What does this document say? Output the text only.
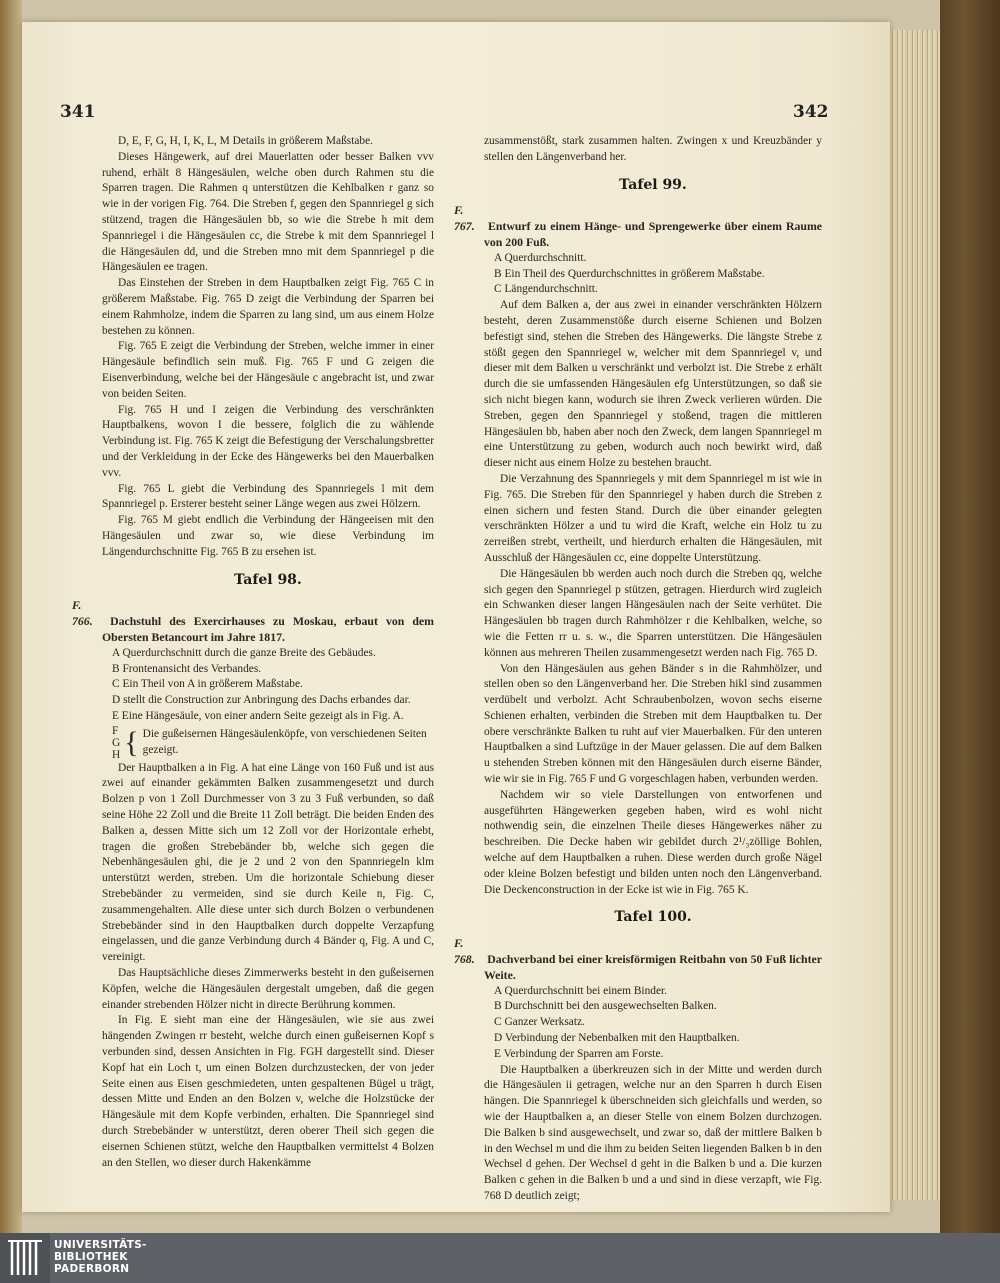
341	342

D, E, F, G, H, I, K, L, M Details in größerem Maßstabe.

Dieses Hängewerk, auf drei Mauerlatten oder besser Balken vvv ruhend, erhält 8 Hängesäulen, welche oben durch Rahmen stu die Sparren tragen. Die Rahmen q unterstützen die Kehlbalken r ganz so wie in der vorigen Fig. 764. Die Streben f, gegen den Spannriegel g sich stützend, tragen die Hängesäulen bb, so wie die Strebe h mit dem Spannriegel i die Hängesäulen cc, die Strebe k mit dem Spannriegel l die Hängesäulen dd, und die Streben mno mit dem Spannriegel p die Hängesäulen ee tragen.

Das Einstehen der Streben in dem Hauptbalken zeigt Fig. 765 C in größerem Maßstabe. Fig. 765 D zeigt die Verbindung der Sparren bei einem Rahmholze, indem die Sparren zu lang sind, um aus einem Holze bestehen zu können.

Fig. 765 E zeigt die Verbindung der Streben, welche immer in einer Hängesäule befindlich sein muß. Fig. 765 F und G zeigen die Eisenverbindung, welche bei der Hängesäule c angebracht ist, und zwar von beiden Seiten.

Fig. 765 H und I zeigen die Verbindung des verschränkten Hauptbalkens, wovon I die bessere, folglich die zu wählende Verbindung ist. Fig. 765 K zeigt die Befestigung der Verschalungsbretter und der Verkleidung in der Ecke des Hängewerks bei den Mauerbalken vvv.

Fig. 765 L giebt die Verbindung des Spannriegels l mit dem Spannriegel p. Ersterer besteht seiner Länge wegen aus zwei Hölzern.

Fig. 765 M giebt endlich die Verbindung der Hängeeisen mit den Hängesäulen und zwar so, wie diese Verbindung im Längendurchschnitte Fig. 765 B zu ersehen ist.

Tafel 98.

F. 766. Dachstuhl des Exercirhauses zu Moskau, erbaut von dem Obersten Betancourt im Jahre 1817.

A Querdurchschnitt durch die ganze Breite des Gebäudes.

B Frontenansicht des Verbandes.

C Ein Theil von A in größerem Maßstabe.

D stellt die Construction zur Anbringung des Dachs erbandes dar.

E Eine Hängesäule, von einer andern Seite gezeigt als in Fig. A.

F
G
H { Die gußeisernen Hängesäulenköpfe, von verschiedenen Seiten gezeigt.

Der Hauptbalken a in Fig. A hat eine Länge von 160 Fuß und ist aus zwei auf einander gekämmten Balken zusammengesetzt und durch Bolzen p von 1 Zoll Durchmesser von 3 zu 3 Fuß verbunden, so daß seine Höhe 22 Zoll und die Breite 11 Zoll beträgt. Die beiden Enden des Balken a, dessen Mitte sich um 12 Zoll vor der Horizontale erhebt, tragen die großen Strebebänder bb, welche sich gegen die Nebenhängesäulen ghi, die je 2 und 2 von den Spannriegeln klm unterstützt werden, streben. Um die horizontale Schiebung dieser Strebebänder zu vermeiden, sind sie durch Keile n, Fig. C, zusammengehalten. Alle diese unter sich durch Bolzen o verbundenen Strebebänder sind in den Hauptbalken durch doppelte Verzapfung eingelassen, und die ganze Verbindung durch 4 Bänder q, Fig. A und C, vereinigt.

Das Hauptsächliche dieses Zimmerwerks besteht in den gußeisernen Köpfen, welche die Hängesäulen dergestalt umgeben, daß die gegen einander strebenden Hölzer nicht in directe Berührung kommen.

In Fig. E sieht man eine der Hängesäulen, wie sie aus zwei hängenden Zwingen rr besteht, welche durch einen gußeisernen Kopf s verbunden sind, dessen Ansichten in Fig. FGH dargestellt sind. Dieser Kopf hat ein Loch t, um einen Bolzen durchzustecken, der von jeder Seite einen aus Eisen geschmiedeten, unten gespaltenen Bügel u trägt, dessen Mitte und Enden an den Bolzen v, welche die Holzstücke der Hängesäule mit dem Kopfe verbinden, erhalten. Die Spannriegel sind durch Strebebänder w unterstützt, deren oberer Theil sich gegen die eisernen Schienen stützt, welche den Hauptbalken vermittelst 4 Bolzen an den Stellen, wo dieser durch Hakenkämme

zusammenstößt, stark zusammen halten. Zwingen x und Kreuzbänder y stellen den Längenverband her.

Tafel 99.

F. 767. Entwurf zu einem Hänge- und Sprengewerke über einem Raume von 200 Fuß.

A Querdurchschnitt.

B Ein Theil des Querdurchschnittes in größerem Maßstabe.

C Längendurchschnitt.

Auf dem Balken a, der aus zwei in einander verschränkten Hölzern besteht, deren Zusammenstöße durch eiserne Schienen und Bolzen befestigt sind, stehen die Streben des Hängewerks. Die längste Strebe z stößt gegen den Spannriegel w, welcher mit dem Spannriegel v, und dieser mit dem Balken u verschränkt und verbolzt ist. Die Strebe z erhält durch die sie umfassenden Hängesäulen efg Unterstützungen, so daß sie sich nicht biegen kann, wodurch sie ihren Zweck verlieren würden. Die Streben, gegen den Spannriegel y stoßend, tragen die mittleren Hängesäulen bb, haben aber noch den Zweck, dem langen Spannriegel m eine Unterstützung zu geben, wodurch auch noch bewirkt wird, daß dieser nicht aus einem Holze zu bestehen braucht.

Die Verzahnung des Spannriegels y mit dem Spannriegel m ist wie in Fig. 765. Die Streben für den Spannriegel y haben durch die Streben z einen sichern und festen Stand. Durch die über einander gelegten verschränkten Hölzer a und tu wird die Kraft, welche ein Holz tu zu zerreißen strebt, vertheilt, und hierdurch erhalten die Hängesäulen, mit Ausschluß der Hängesäulen cc, eine doppelte Unterstützung.

Die Hängesäulen bb werden auch noch durch die Streben qq, welche sich gegen den Spannriegel p stützen, getragen. Hierdurch wird zugleich ein Schwanken dieser langen Hängesäulen nach der Seite verhütet. Die Hängesäulen bb tragen durch Rahmhölzer r die Kehlbalken, welche, so wie die Fetten rr u. s. w., die Sparren unterstützen. Die Hängesäulen können aus mehreren Theilen zusammengesetzt werden nach Fig. 765 D.

Von den Hängesäulen aus gehen Bänder s in die Rahmhölzer, und stellen oben so den Längenverband her. Die Streben hikl sind zusammen verdübelt und verbolzt. Acht Schraubenbolzen, wovon sechs eiserne Schienen erhalten, verbinden die Streben mit dem Hauptbalken tu. Der obere verschränkte Balken tu ruht auf vier Mauerbalken. Für den unteren Hauptbalken a sind Luftzüge in der Mauer gelassen. Die auf dem Balken u stehenden Streben können mit den Hängesäulen durch eiserne Bänder, wie wir sie in Fig. 765 F und G vorgeschlagen haben, verbunden werden.

Nachdem wir so viele Darstellungen von entworfenen und ausgeführten Hängewerken gegeben haben, wird es wohl nicht nothwendig sein, die einzelnen Theile dieses Hängewerkes näher zu beschreiben. Die Decke haben wir gebildet durch 2¹/₃zöllige Bohlen, welche auf dem Hauptbalken a ruhen. Diese werden durch große Nägel oder kleine Bolzen befestigt und bilden unten noch den Längenverband. Die Deckenconstruction in der Ecke ist wie in Fig. 765 K.

Tafel 100.

F. 768. Dachverband bei einer kreisförmigen Reitbahn von 50 Fuß lichter Weite.

A Querdurchschnitt bei einem Binder.

B Durchschnitt bei den ausgewechselten Balken.

C Ganzer Werksatz.

D Verbindung der Nebenbalken mit den Hauptbalken.

E Verbindung der Sparren am Forste.

Die Hauptbalken a überkreuzen sich in der Mitte und werden durch die Hängesäulen ii getragen, welche nur an den Sparren h durch Eisen hängen. Die Spannriegel k überschneiden sich gleichfalls und werden, so wie der Hauptbalken a, an dieser Stelle von einem Bolzen durchzogen. Die Balken b sind ausgewechselt, und zwar so, daß der mittlere Balken b in den Wechsel m und die ihm zu beiden Seiten liegenden Balken b in den Wechsel d gehen. Der Wechsel d geht in die Balken b und a. Die kurzen Balken c gehen in die Balken b und a und sind in diese verzapft, wie Fig. 768 D deutlich zeigt;

UNIVERSITÄTS-
BIBLIOTHEK
PADERBORN
